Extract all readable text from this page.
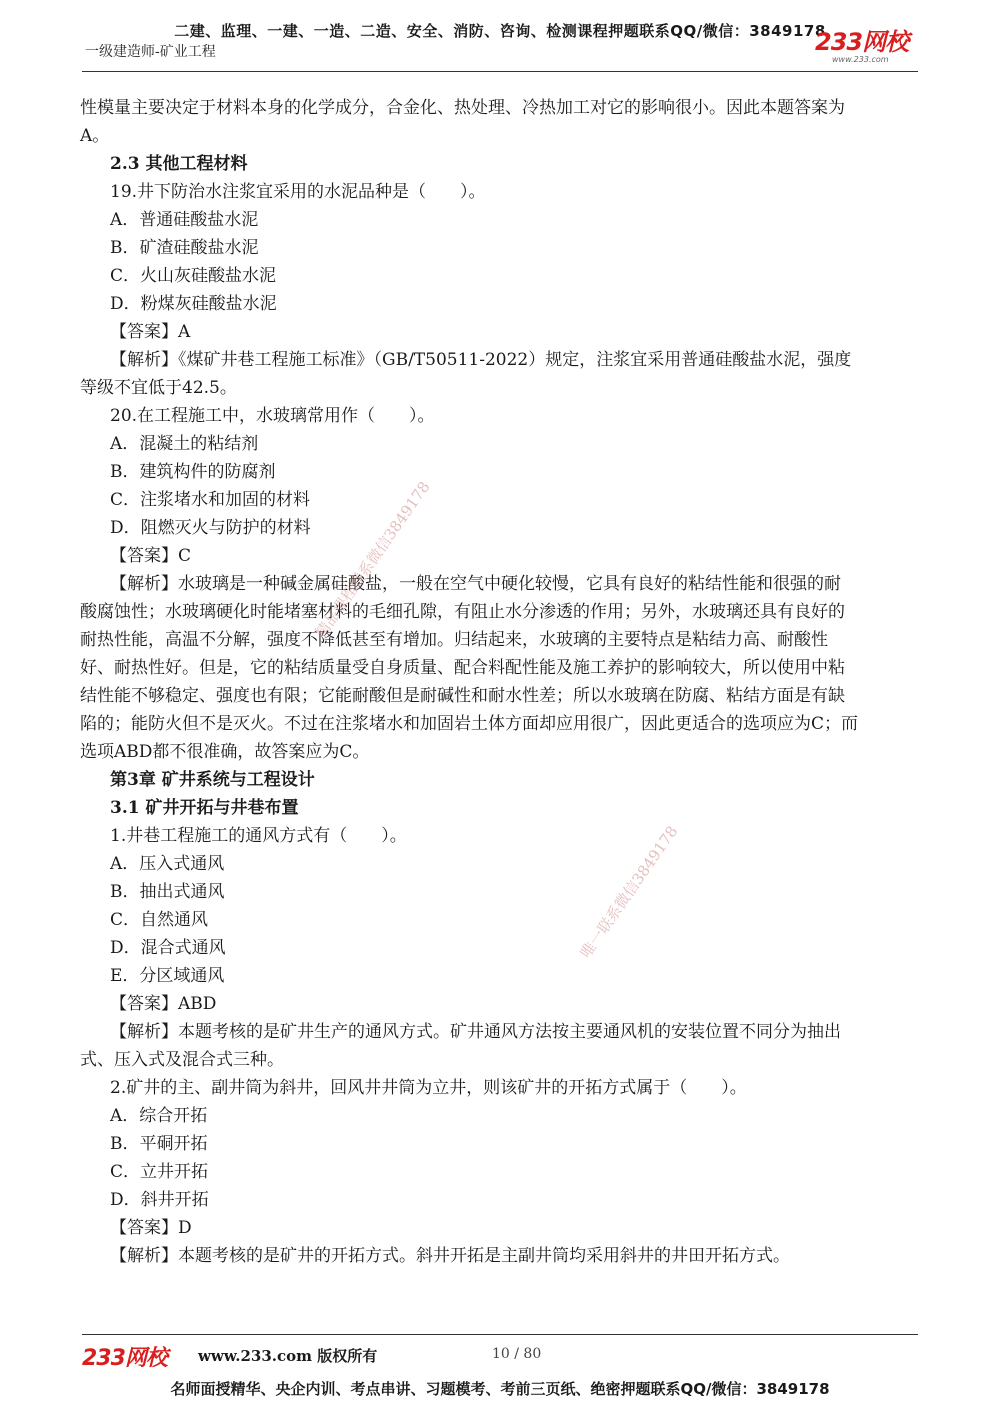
二建、监理、一建、一造、二造、安全、消防、咨询、检测课程押题联系QQ/微信：3849178
一级建造师-矿业工程	233网校
www.233.com

性模量主要决定于材料本身的化学成分，合金化、热处理、冷热加工对它的影响很小。因此本题答案为

A。

2.3 其他工程材料

19.井下防治水注浆宜采用的水泥品种是（　　）。

A．普通硅酸盐水泥

B．矿渣硅酸盐水泥

C．火山灰硅酸盐水泥

D．粉煤灰硅酸盐水泥

【答案】A

【解析】《煤矿井巷工程施工标准》（GB/T50511-2022）规定，注浆宜采用普通硅酸盐水泥，强度

等级不宜低于42.5。

20.在工程施工中，水玻璃常用作（　　）。

A．混凝土的粘结剂

B．建筑构件的防腐剂

C．注浆堵水和加固的材料

D．阻燃灭火与防护的材料

【答案】C

【解析】水玻璃是一种碱金属硅酸盐，一般在空气中硬化较慢，它具有良好的粘结性能和很强的耐

酸腐蚀性；水玻璃硬化时能堵塞材料的毛细孔隙，有阻止水分渗透的作用；另外，水玻璃还具有良好的

耐热性能，高温不分解，强度不降低甚至有增加。归结起来，水玻璃的主要特点是粘结力高、耐酸性

好、耐热性好。但是，它的粘结质量受自身质量、配合料配性能及施工养护的影响较大，所以使用中粘

结性能不够稳定、强度也有限；它能耐酸但是耐碱性和耐水性差；所以水玻璃在防腐、粘结方面是有缺

陷的；能防火但不是灭火。不过在注浆堵水和加固岩土体方面却应用很广，因此更适合的选项应为C；而

选项ABD都不很准确，故答案应为C。

第3章 矿井系统与工程设计

3.1 矿井开拓与井巷布置

1.井巷工程施工的通风方式有（　　）。

A．压入式通风

B．抽出式通风

C．自然通风

D．混合式通风

E．分区域通风

【答案】ABD

【解析】本题考核的是矿井生产的通风方式。矿井通风方法按主要通风机的安装位置不同分为抽出

式、压入式及混合式三种。

2.矿井的主、副井筒为斜井，回风井井筒为立井，则该矿井的开拓方式属于（　　）。

A．综合开拓

B．平硐开拓

C．立井开拓

D．斜井开拓

【答案】D

【解析】本题考核的是矿井的开拓方式。斜井开拓是主副井筒均采用斜井的井田开拓方式。

精品课程联系微信3849178
唯一联系微信3849178
233网校 www.233.com 版权所有	10 / 80
名师面授精华、央企内训、考点串讲、习题模考、考前三页纸、绝密押题联系QQ/微信：3849178
